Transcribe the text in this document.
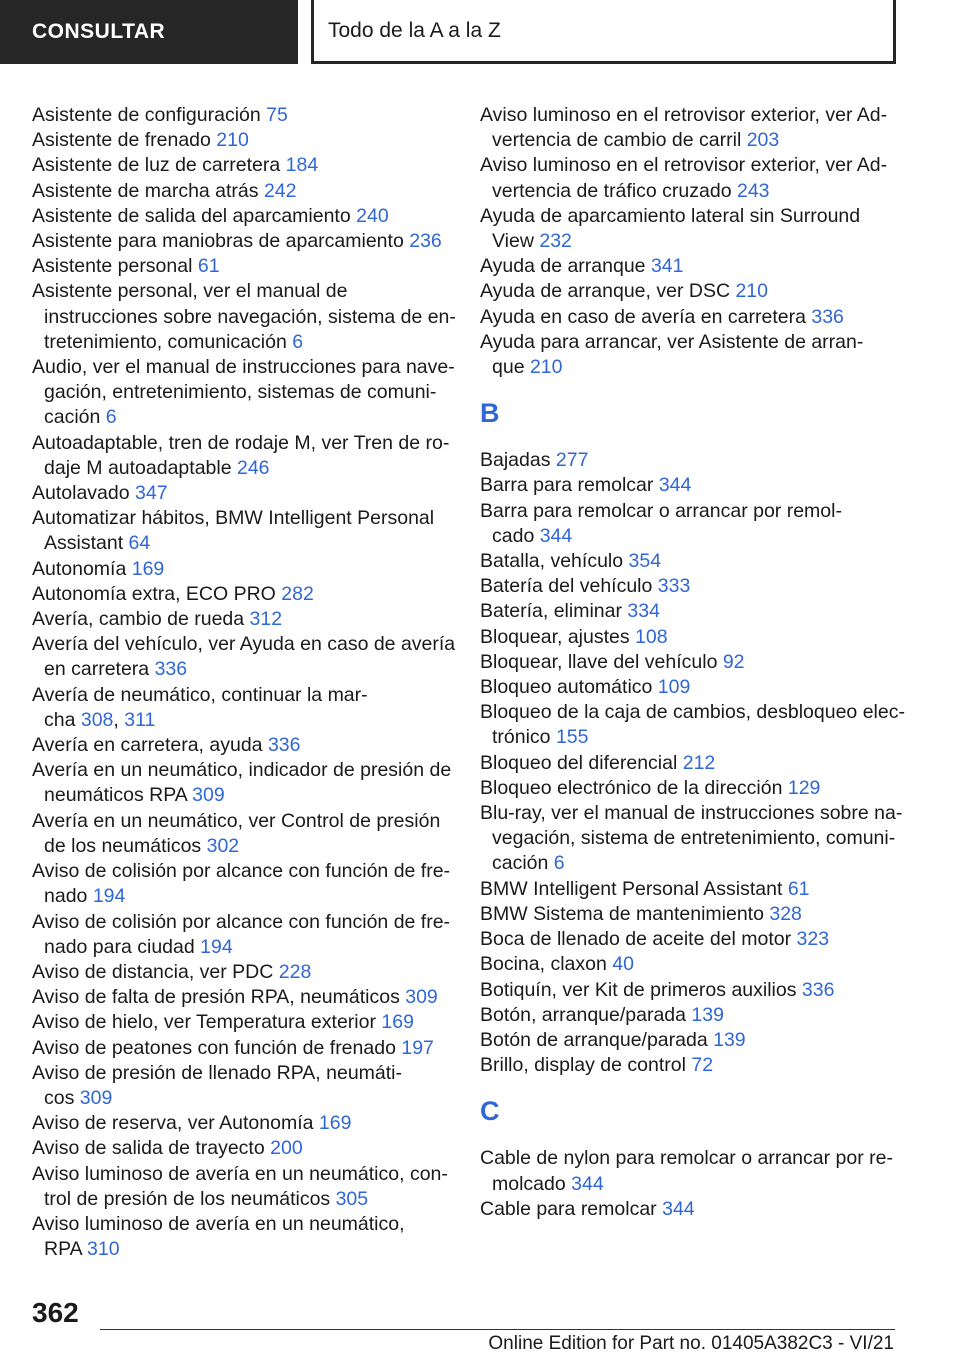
CONSULTAR	Todo de la A a la Z
Asistente de configuración 75
Asistente de frenado 210
Asistente de luz de carretera 184
Asistente de marcha atrás 242
Asistente de salida del aparcamiento 240
Asistente para maniobras de aparcamiento 236
Asistente personal 61
Asistente personal, ver el manual de
instrucciones sobre navegación, sistema de en‐
tretenimiento, comunicación 6
Audio, ver el manual de instrucciones para nave‐
gación, entretenimiento, sistemas de comuni‐
cación 6
Autoadaptable, tren de rodaje M, ver Tren de ro‐
daje M autoadaptable 246
Autolavado 347
Automatizar hábitos, BMW Intelligent Personal
Assistant 64
Autonomía 169
Autonomía extra, ECO PRO 282
Avería, cambio de rueda 312
Avería del vehículo, ver Ayuda en caso de avería
en carretera 336
Avería de neumático, continuar la mar‐
cha 308, 311
Avería en carretera, ayuda 336
Avería en un neumático, indicador de presión de
neumáticos RPA 309
Avería en un neumático, ver Control de presión
de los neumáticos 302
Aviso de colisión por alcance con función de fre‐
nado 194
Aviso de colisión por alcance con función de fre‐
nado para ciudad 194
Aviso de distancia, ver PDC 228
Aviso de falta de presión RPA, neumáticos 309
Aviso de hielo, ver Temperatura exterior 169
Aviso de peatones con función de frenado 197
Aviso de presión de llenado RPA, neumáti‐
cos 309
Aviso de reserva, ver Autonomía 169
Aviso de salida de trayecto 200
Aviso luminoso de avería en un neumático, con‐
trol de presión de los neumáticos 305
Aviso luminoso de avería en un neumático,
RPA 310
Aviso luminoso en el retrovisor exterior, ver Ad‐
vertencia de cambio de carril 203
Aviso luminoso en el retrovisor exterior, ver Ad‐
vertencia de tráfico cruzado 243
Ayuda de aparcamiento lateral sin Surround
View 232
Ayuda de arranque 341
Ayuda de arranque, ver DSC 210
Ayuda en caso de avería en carretera 336
Ayuda para arrancar, ver Asistente de arran‐
que 210
B
Bajadas 277
Barra para remolcar 344
Barra para remolcar o arrancar por remol‐
cado 344
Batalla, vehículo 354
Batería del vehículo 333
Batería, eliminar 334
Bloquear, ajustes 108
Bloquear, llave del vehículo 92
Bloqueo automático 109
Bloqueo de la caja de cambios, desbloqueo elec‐
trónico 155
Bloqueo del diferencial 212
Bloqueo electrónico de la dirección 129
Blu-ray, ver el manual de instrucciones sobre na‐
vegación, sistema de entretenimiento, comuni‐
cación 6
BMW Intelligent Personal Assistant 61
BMW Sistema de mantenimiento 328
Boca de llenado de aceite del motor 323
Bocina, claxon 40
Botiquín, ver Kit de primeros auxilios 336
Botón, arranque/parada 139
Botón de arranque/parada 139
Brillo, display de control 72
C
Cable de nylon para remolcar o arrancar por re‐
molcado 344
Cable para remolcar 344
362
Online Edition for Part no. 01405A382C3 - VI/21
